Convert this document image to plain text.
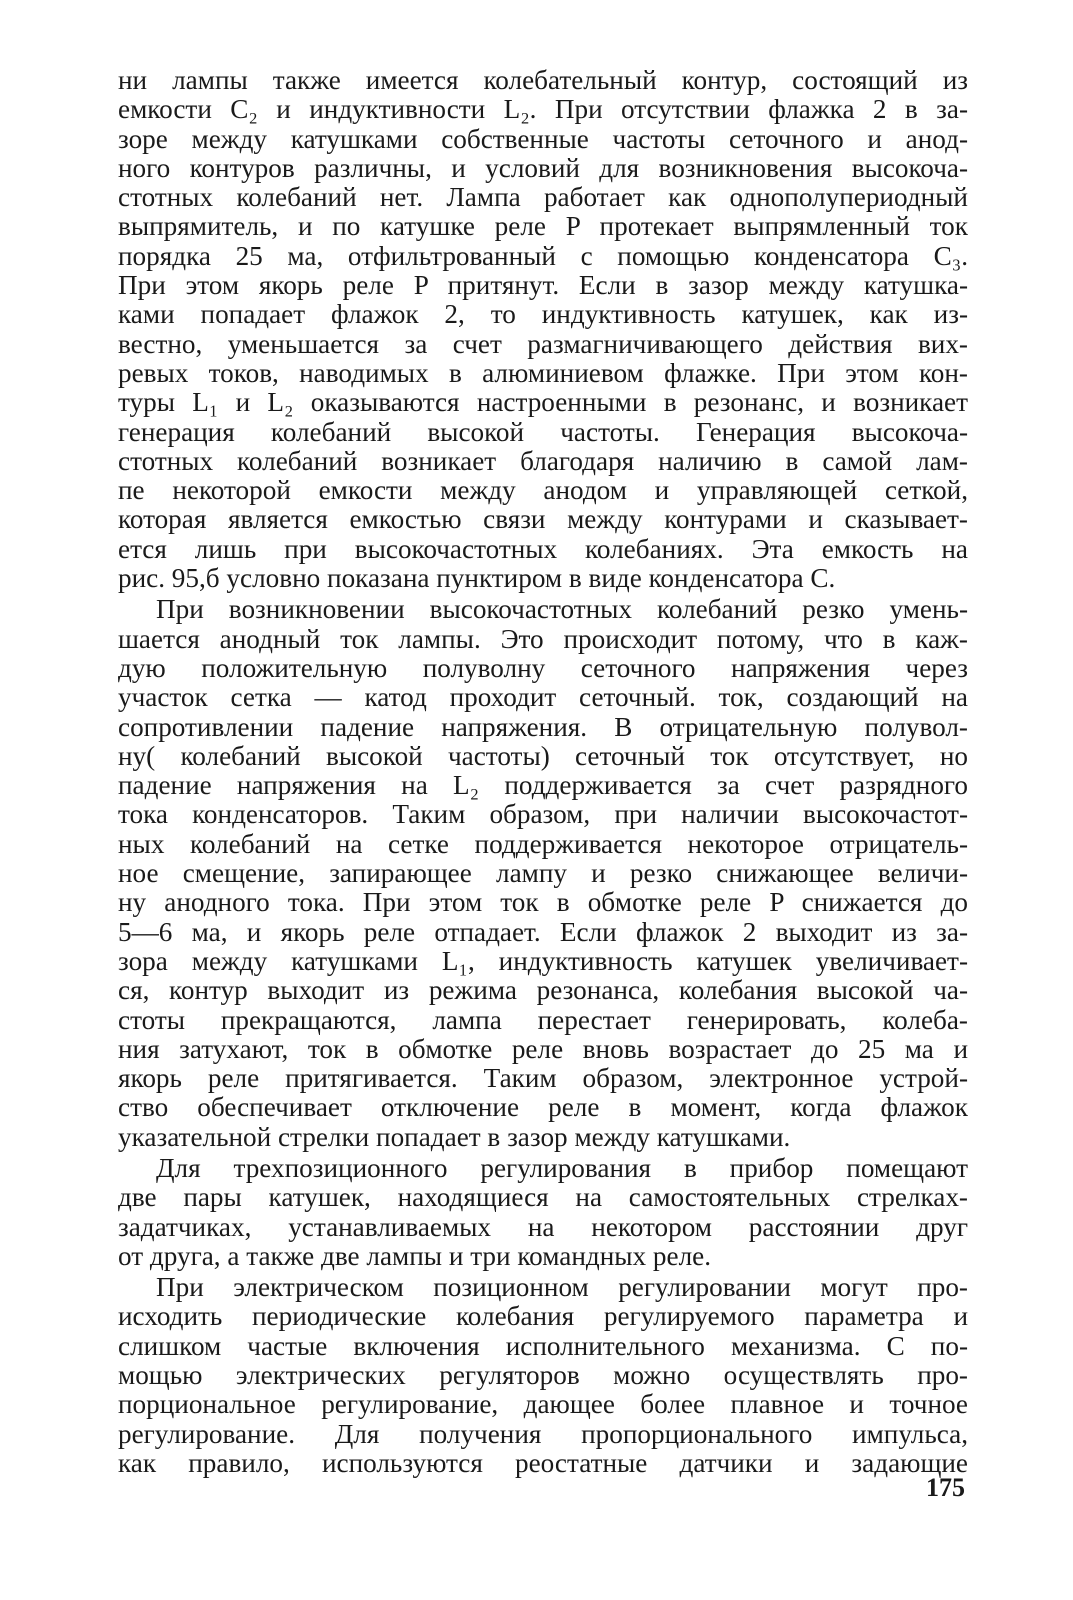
ни лампы также имеется колебательный контур, состоящий из
емкости C₂ и индуктивности L₂. При отсутствии флажка 2 в за-
зоре между катушками собственные частоты сеточного и анод-
ного контуров различны, и условий для возникновения высокоча-
стотных колебаний нет. Лампа работает как однополупериодный
выпрямитель, и по катушке реле P протекает выпрямленный ток
порядка 25 ма, отфильтрованный с помощью конденсатора C₃.
При этом якорь реле P притянут. Если в зазор между катушка-
ками попадает флажок 2, то индуктивность катушек, как из-
вестно, уменьшается за счет размагничивающего действия вих-
ревых токов, наводимых в алюминиевом флажке. При этом кон-
туры L₁ и L₂ оказываются настроенными в резонанс, и возникает
генерация колебаний высокой частоты. Генерация высокоча-
стотных колебаний возникает благодаря наличию в самой лам-
пе некоторой емкости между анодом и управляющей сеткой,
которая является емкостью связи между контурами и сказывает-
ется лишь при высокочастотных колебаниях. Эта емкость на
рис. 95,б условно показана пунктиром в виде конденсатора C.
При возникновении высокочастотных колебаний резко умень-
шается анодный ток лампы. Это происходит потому, что в каж-
дую положительную полуволну сеточного напряжения через
участок сетка — катод проходит сеточный. ток, создающий на
сопротивлении падение напряжения. В отрицательную полувол-
ну( колебаний высокой частоты) сеточный ток отсутствует, но
падение напряжения на L₂ поддерживается за счет разрядного
тока конденсаторов. Таким образом, при наличии высокочастот-
ных колебаний на сетке поддерживается некоторое отрицатель-
ное смещение, запирающее лампу и резко снижающее величи-
ну анодного тока. При этом ток в обмотке реле P снижается до
5—6 ма, и якорь реле отпадает. Если флажок 2 выходит из за-
зора между катушками L₁, индуктивность катушек увеличивает-
ся, контур выходит из режима резонанса, колебания высокой ча-
стоты прекращаются, лампа перестает генерировать, колеба-
ния затухают, ток в обмотке реле вновь возрастает до 25 ма и
якорь реле притягивается. Таким образом, электронное устрой-
ство обеспечивает отключение реле в момент, когда флажок
указательной стрелки попадает в зазор между катушками.
Для трехпозиционного регулирования в прибор помещают
две пары катушек, находящиеся на самостоятельных стрелках-
задатчиках, устанавливаемых на некотором расстоянии друг
от друга, а также две лампы и три командных реле.
При электрическом позиционном регулировании могут про-
исходить периодические колебания регулируемого параметра и
слишком частые включения исполнительного механизма. С по-
мощью электрических регуляторов можно осуществлять про-
порциональное регулирование, дающее более плавное и точное
регулирование. Для получения пропорционального импульса,
как правило, используются реостатные датчики и задающие
175
